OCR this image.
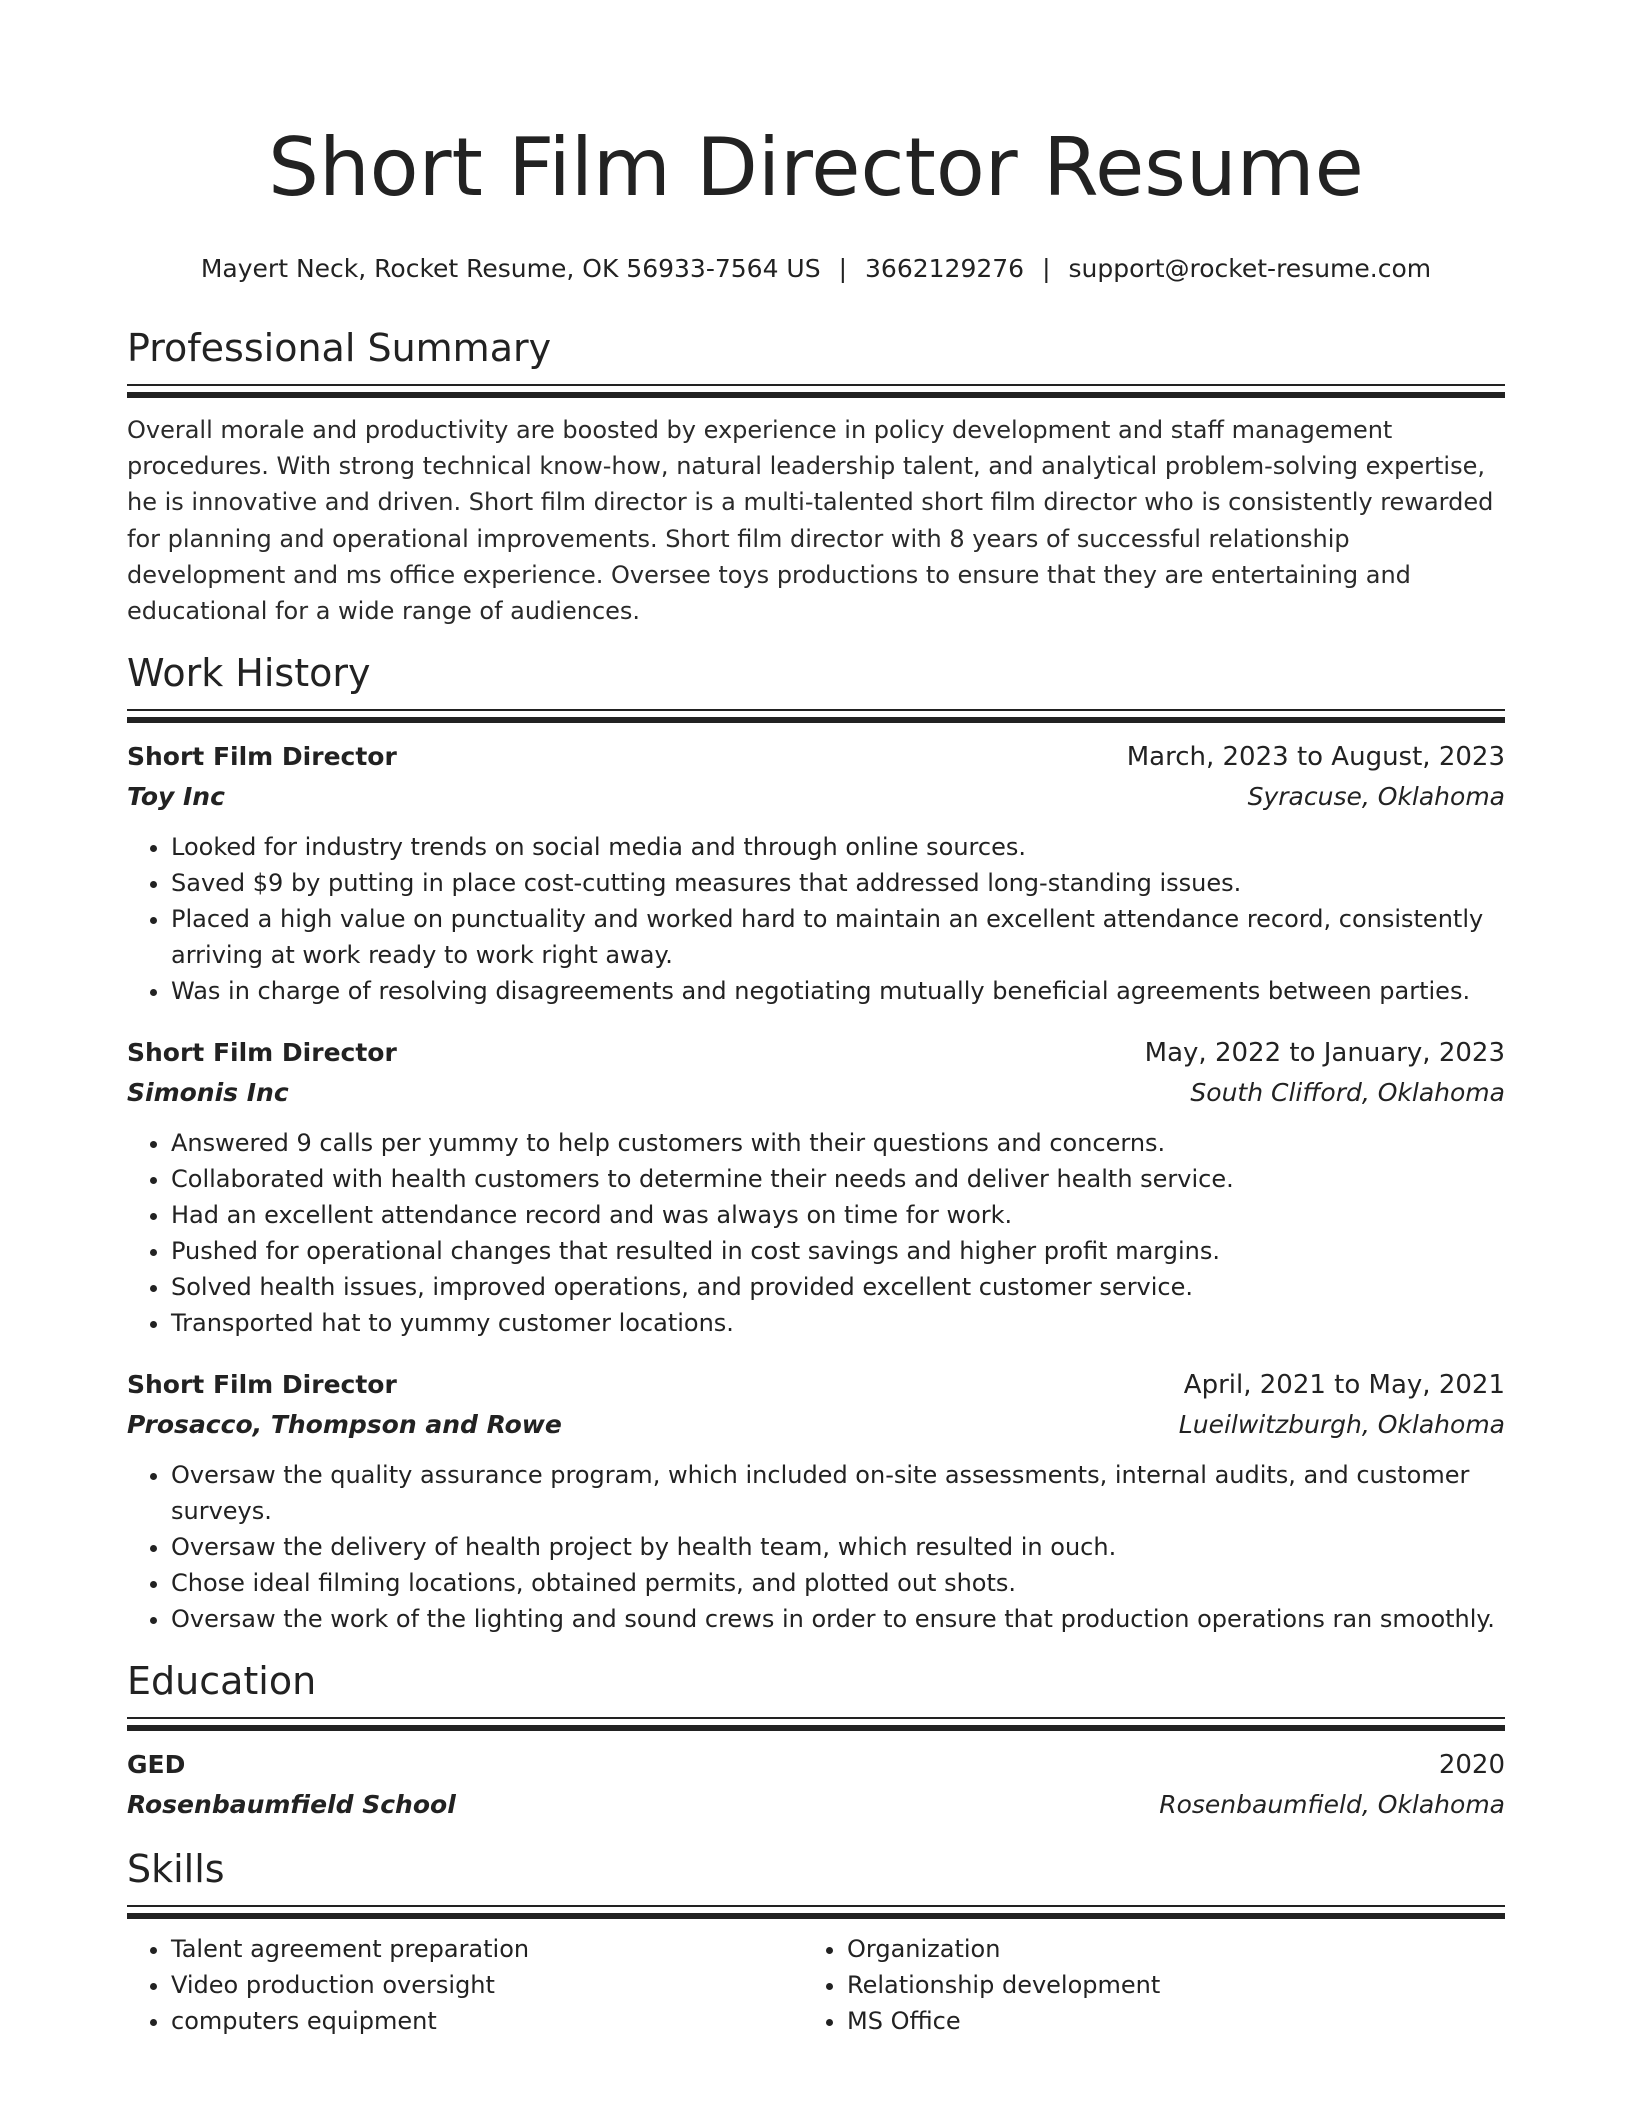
Short Film Director Resume
Mayert Neck, Rocket Resume, OK 56933-7564 US | 3662129276 | support@rocket-resume.com
Professional Summary
Overall morale and productivity are boosted by experience in policy development and staff management procedures. With strong technical know-how, natural leadership talent, and analytical problem-solving expertise, he is innovative and driven. Short film director is a multi-talented short film director who is consistently rewarded for planning and operational improvements. Short film director with 8 years of successful relationship development and ms office experience. Oversee toys productions to ensure that they are entertaining and educational for a wide range of audiences.
Work History
Short Film Director	March, 2023 to August, 2023
Toy Inc	Syracuse, Oklahoma
• Looked for industry trends on social media and through online sources.
• Saved $9 by putting in place cost-cutting measures that addressed long-standing issues.
• Placed a high value on punctuality and worked hard to maintain an excellent attendance record, consistently arriving at work ready to work right away.
• Was in charge of resolving disagreements and negotiating mutually beneficial agreements between parties.
Short Film Director	May, 2022 to January, 2023
Simonis Inc	South Clifford, Oklahoma
• Answered 9 calls per yummy to help customers with their questions and concerns.
• Collaborated with health customers to determine their needs and deliver health service.
• Had an excellent attendance record and was always on time for work.
• Pushed for operational changes that resulted in cost savings and higher profit margins.
• Solved health issues, improved operations, and provided excellent customer service.
• Transported hat to yummy customer locations.
Short Film Director	April, 2021 to May, 2021
Prosacco, Thompson and Rowe	Lueilwitzburgh, Oklahoma
• Oversaw the quality assurance program, which included on-site assessments, internal audits, and customer surveys.
• Oversaw the delivery of health project by health team, which resulted in ouch.
• Chose ideal filming locations, obtained permits, and plotted out shots.
• Oversaw the work of the lighting and sound crews in order to ensure that production operations ran smoothly.
Education
GED	2020
Rosenbaumfield School	Rosenbaumfield, Oklahoma
Skills
• Talent agreement preparation
• Video production oversight
• computers equipment
• Organization
• Relationship development
• MS Office
